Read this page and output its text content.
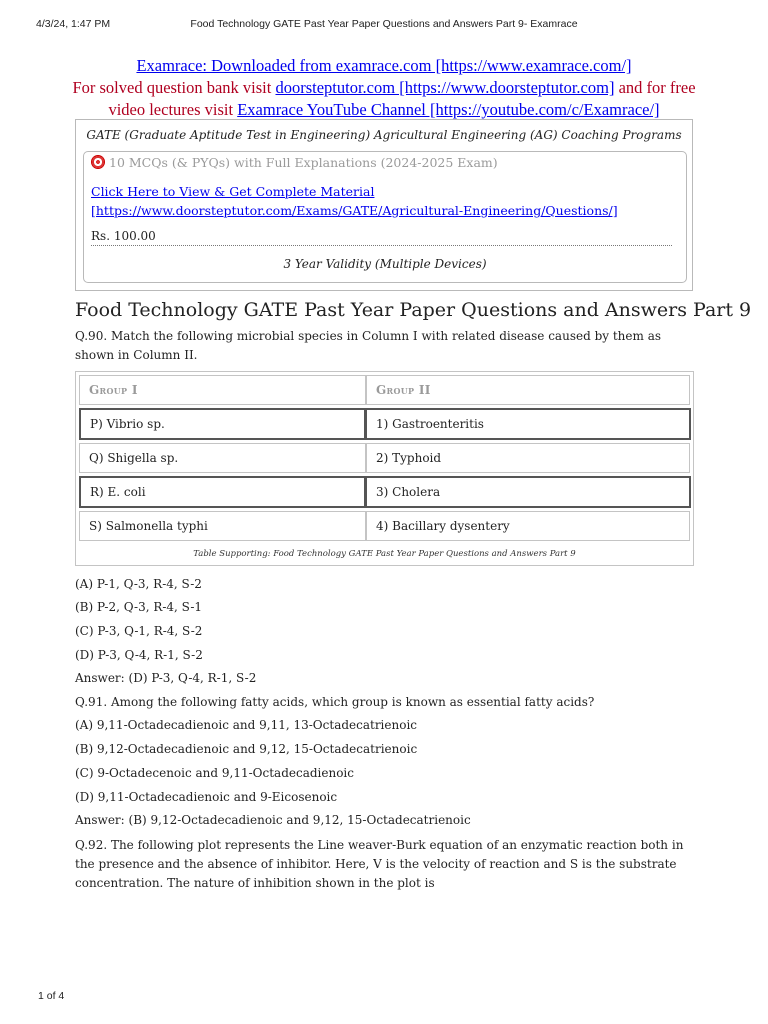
4/3/24, 1:47 PM	Food Technology GATE Past Year Paper Questions and Answers Part 9- Examrace
Examrace: Downloaded from examrace.com [https://www.examrace.com/]
For solved question bank visit doorsteptutor.com [https://www.doorsteptutor.com] and for free
video lectures visit Examrace YouTube Channel [https://youtube.com/c/Examrace/]
GATE (Graduate Aptitude Test in Engineering) Agricultural Engineering (AG) Coaching Programs
10 MCQs (& PYQs) with Full Explanations (2024-2025 Exam)
Click Here to View & Get Complete Material
[https://www.doorsteptutor.com/Exams/GATE/Agricultural-Engineering/Questions/]
Rs. 100.00
3 Year Validity (Multiple Devices)
Food Technology GATE Past Year Paper Questions and Answers Part 9
Q.90. Match the following microbial species in Column I with related disease caused by them as shown in Column II.
Group I	Group II
P) Vibrio sp.	1) Gastroenteritis
Q) Shigella sp.	2) Typhoid
R) E. coli	3) Cholera
S) Salmonella typhi	4) Bacillary dysentery
Table Supporting: Food Technology GATE Past Year Paper Questions and Answers Part 9
(A) P-1, Q-3, R-4, S-2
(B) P-2, Q-3, R-4, S-1
(C) P-3, Q-1, R-4, S-2
(D) P-3, Q-4, R-1, S-2
Answer: (D) P-3, Q-4, R-1, S-2
Q.91. Among the following fatty acids, which group is known as essential fatty acids?
(A) 9,11-Octadecadienoic and 9,11, 13-Octadecatrienoic
(B) 9,12-Octadecadienoic and 9,12, 15-Octadecatrienoic
(C) 9-Octadecenoic and 9,11-Octadecadienoic
(D) 9,11-Octadecadienoic and 9-Eicosenoic
Answer: (B) 9,12-Octadecadienoic and 9,12, 15-Octadecatrienoic
Q.92. The following plot represents the Line weaver-Burk equation of an enzymatic reaction both in the presence and the absence of inhibitor. Here, V is the velocity of reaction and S is the substrate concentration. The nature of inhibition shown in the plot is
1 of 4
